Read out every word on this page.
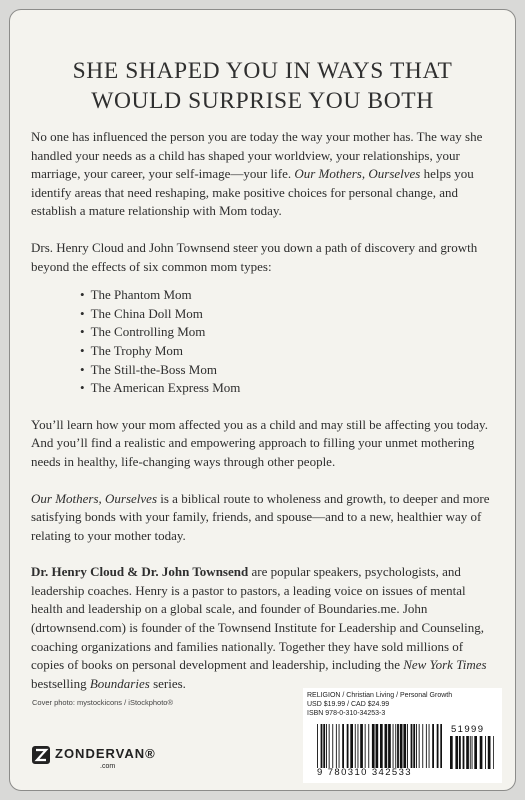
SHE SHAPED YOU IN WAYS THAT
WOULD SURPRISE YOU BOTH

No one has influenced the person you are today the way your mother has. The way she handled your needs as a child has shaped your worldview, your relationships, your marriage, your career, your self-image—your life. Our Mothers, Ourselves helps you identify areas that need reshaping, make positive choices for personal change, and establish a mature relationship with Mom today.

Drs. Henry Cloud and John Townsend steer you down a path of discovery and growth beyond the effects of six common mom types:

• The Phantom Mom
• The China Doll Mom
• The Controlling Mom
• The Trophy Mom
• The Still-the-Boss Mom
• The American Express Mom

You’ll learn how your mom affected you as a child and may still be affecting you today. And you’ll find a realistic and empowering approach to filling your unmet mothering needs in healthy, life-changing ways through other people.

Our Mothers, Ourselves is a biblical route to wholeness and growth, to deeper and more satisfying bonds with your family, friends, and spouse—and to a new, healthier way of relating to your mother today.

Dr. Henry Cloud & Dr. John Townsend are popular speakers, psychologists, and leadership coaches. Henry is a pastor to pastors, a leading voice on issues of mental health and leadership on a global scale, and founder of Boundaries.me. John (drtownsend.com) is founder of the Townsend Institute for Leadership and Counseling, coaching organizations and families nationally. Together they have sold millions of copies of books on personal development and leadership, including the New York Times bestselling Boundaries series.

Cover photo: mystockicons / iStockphoto®
ZONDERVAN®
.com
RELIGION / Christian Living / Personal Growth
USD $19.99 / CAD $24.99
ISBN 978-0-310-34253-3
9 780310 342533
51999
